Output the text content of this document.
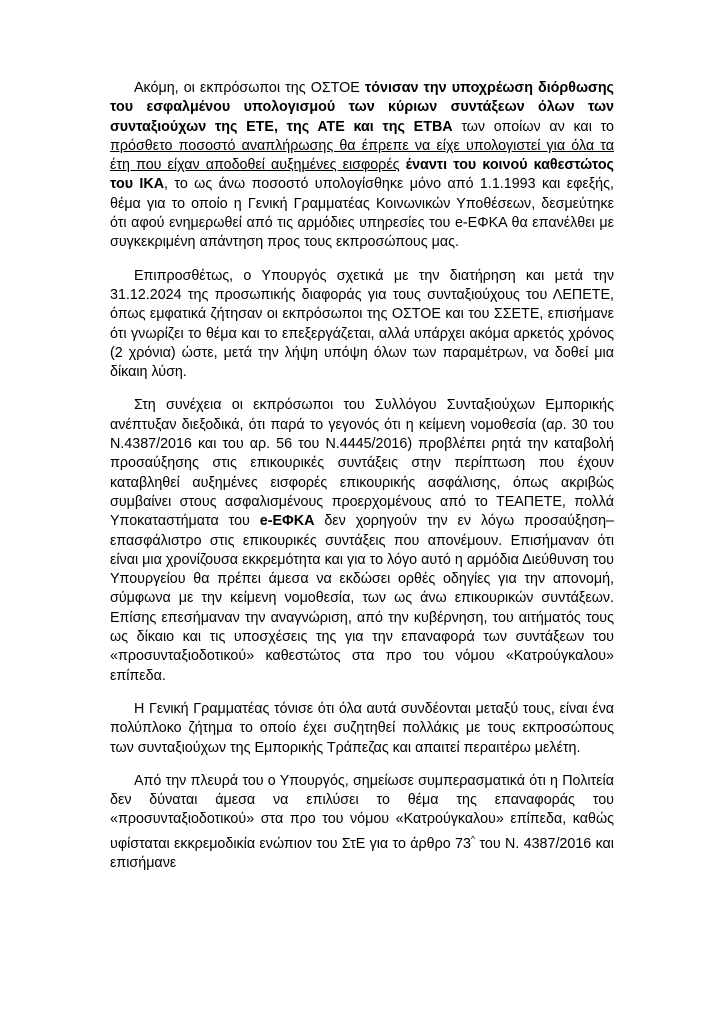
Ακόμη, οι εκπρόσωποι της ΟΣΤΟΕ τόνισαν την υποχρέωση διόρθωσης του εσφαλμένου υπολογισμού των κύριων συντάξεων όλων των συνταξιούχων της ΕΤΕ, της ΑΤΕ και της ΕΤΒΑ των οποίων αν και το πρόσθετο ποσοστό αναπλήρωσης θα έπρεπε να είχε υπολογιστεί για όλα τα έτη που είχαν αποδοθεί αυξημένες εισφορές έναντι του κοινού καθεστώτος του ΙΚΑ, το ως άνω ποσοστό υπολογίσθηκε μόνο από 1.1.1993 και εφεξής, θέμα για το οποίο η Γενική Γραμματέας Κοινωνικών Υποθέσεων, δεσμεύτηκε ότι αφού ενημερωθεί από τις αρμόδιες υπηρεσίες του e-ΕΦΚΑ θα επανέλθει με συγκεκριμένη απάντηση προς τους εκπροσώπους μας.

Επιπροσθέτως, ο Υπουργός σχετικά με την διατήρηση και μετά την 31.12.2024 της προσωπικής διαφοράς για τους συνταξιούχους του ΛΕΠΕΤΕ, όπως εμφατικά ζήτησαν οι εκπρόσωποι της ΟΣΤΟΕ και του ΣΣΕΤΕ, επισήμανε ότι γνωρίζει το θέμα και το επεξεργάζεται, αλλά υπάρχει ακόμα αρκετός χρόνος (2 χρόνια) ώστε, μετά την λήψη υπόψη όλων των παραμέτρων, να δοθεί μια δίκαιη λύση.

Στη συνέχεια οι εκπρόσωποι του Συλλόγου Συνταξιούχων Εμπορικής ανέπτυξαν διεξοδικά, ότι παρά το γεγονός ότι η κείμενη νομοθεσία (αρ. 30 του Ν.4387/2016 και του αρ. 56 του Ν.4445/2016) προβλέπει ρητά την καταβολή προσαύξησης στις επικουρικές συντάξεις στην περίπτωση που έχουν καταβληθεί αυξημένες εισφορές επικουρικής ασφάλισης, όπως ακριβώς συμβαίνει στους ασφαλισμένους προερχομένους από το ΤΕΑΠΕΤΕ, πολλά Υποκαταστήματα του e-ΕΦΚΑ δεν χορηγούν την εν λόγω προσαύξηση–επασφάλιστρο στις επικουρικές συντάξεις που απονέμουν. Επισήμαναν ότι είναι μια χρονίζουσα εκκρεμότητα και για το λόγο αυτό η αρμόδια Διεύθυνση του Υπουργείου θα πρέπει άμεσα να εκδώσει ορθές οδηγίες για την απονομή, σύμφωνα με την κείμενη νομοθεσία, των ως άνω επικουρικών συντάξεων. Επίσης επεσήμαναν την αναγνώριση, από την κυβέρνηση, του αιτήματός τους ως δίκαιο και τις υποσχέσεις της για την επαναφορά των συντάξεων του «προσυνταξιοδοτικού» καθεστώτος στα προ του νόμου «Κατρούγκαλου» επίπεδα.

Η Γενική Γραμματέας τόνισε ότι όλα αυτά συνδέονται μεταξύ τους, είναι ένα πολύπλοκο ζήτημα το οποίο έχει συζητηθεί πολλάκις με τους εκπροσώπους των συνταξιούχων της Εμπορικής Τράπεζας και απαιτεί περαιτέρω μελέτη.

Από την πλευρά του ο Υπουργός, σημείωσε συμπερασματικά ότι η Πολιτεία δεν δύναται άμεσα να επιλύσει το θέμα της επαναφοράς του «προσυνταξιοδοτικού» στα προ του νόμου «Κατρούγκαλου» επίπεδα, καθώς υφίσταται εκκρεμοδικία ενώπιον του ΣτΕ για το άρθρο 73^ του Ν. 4387/2016 και επισήμανε
